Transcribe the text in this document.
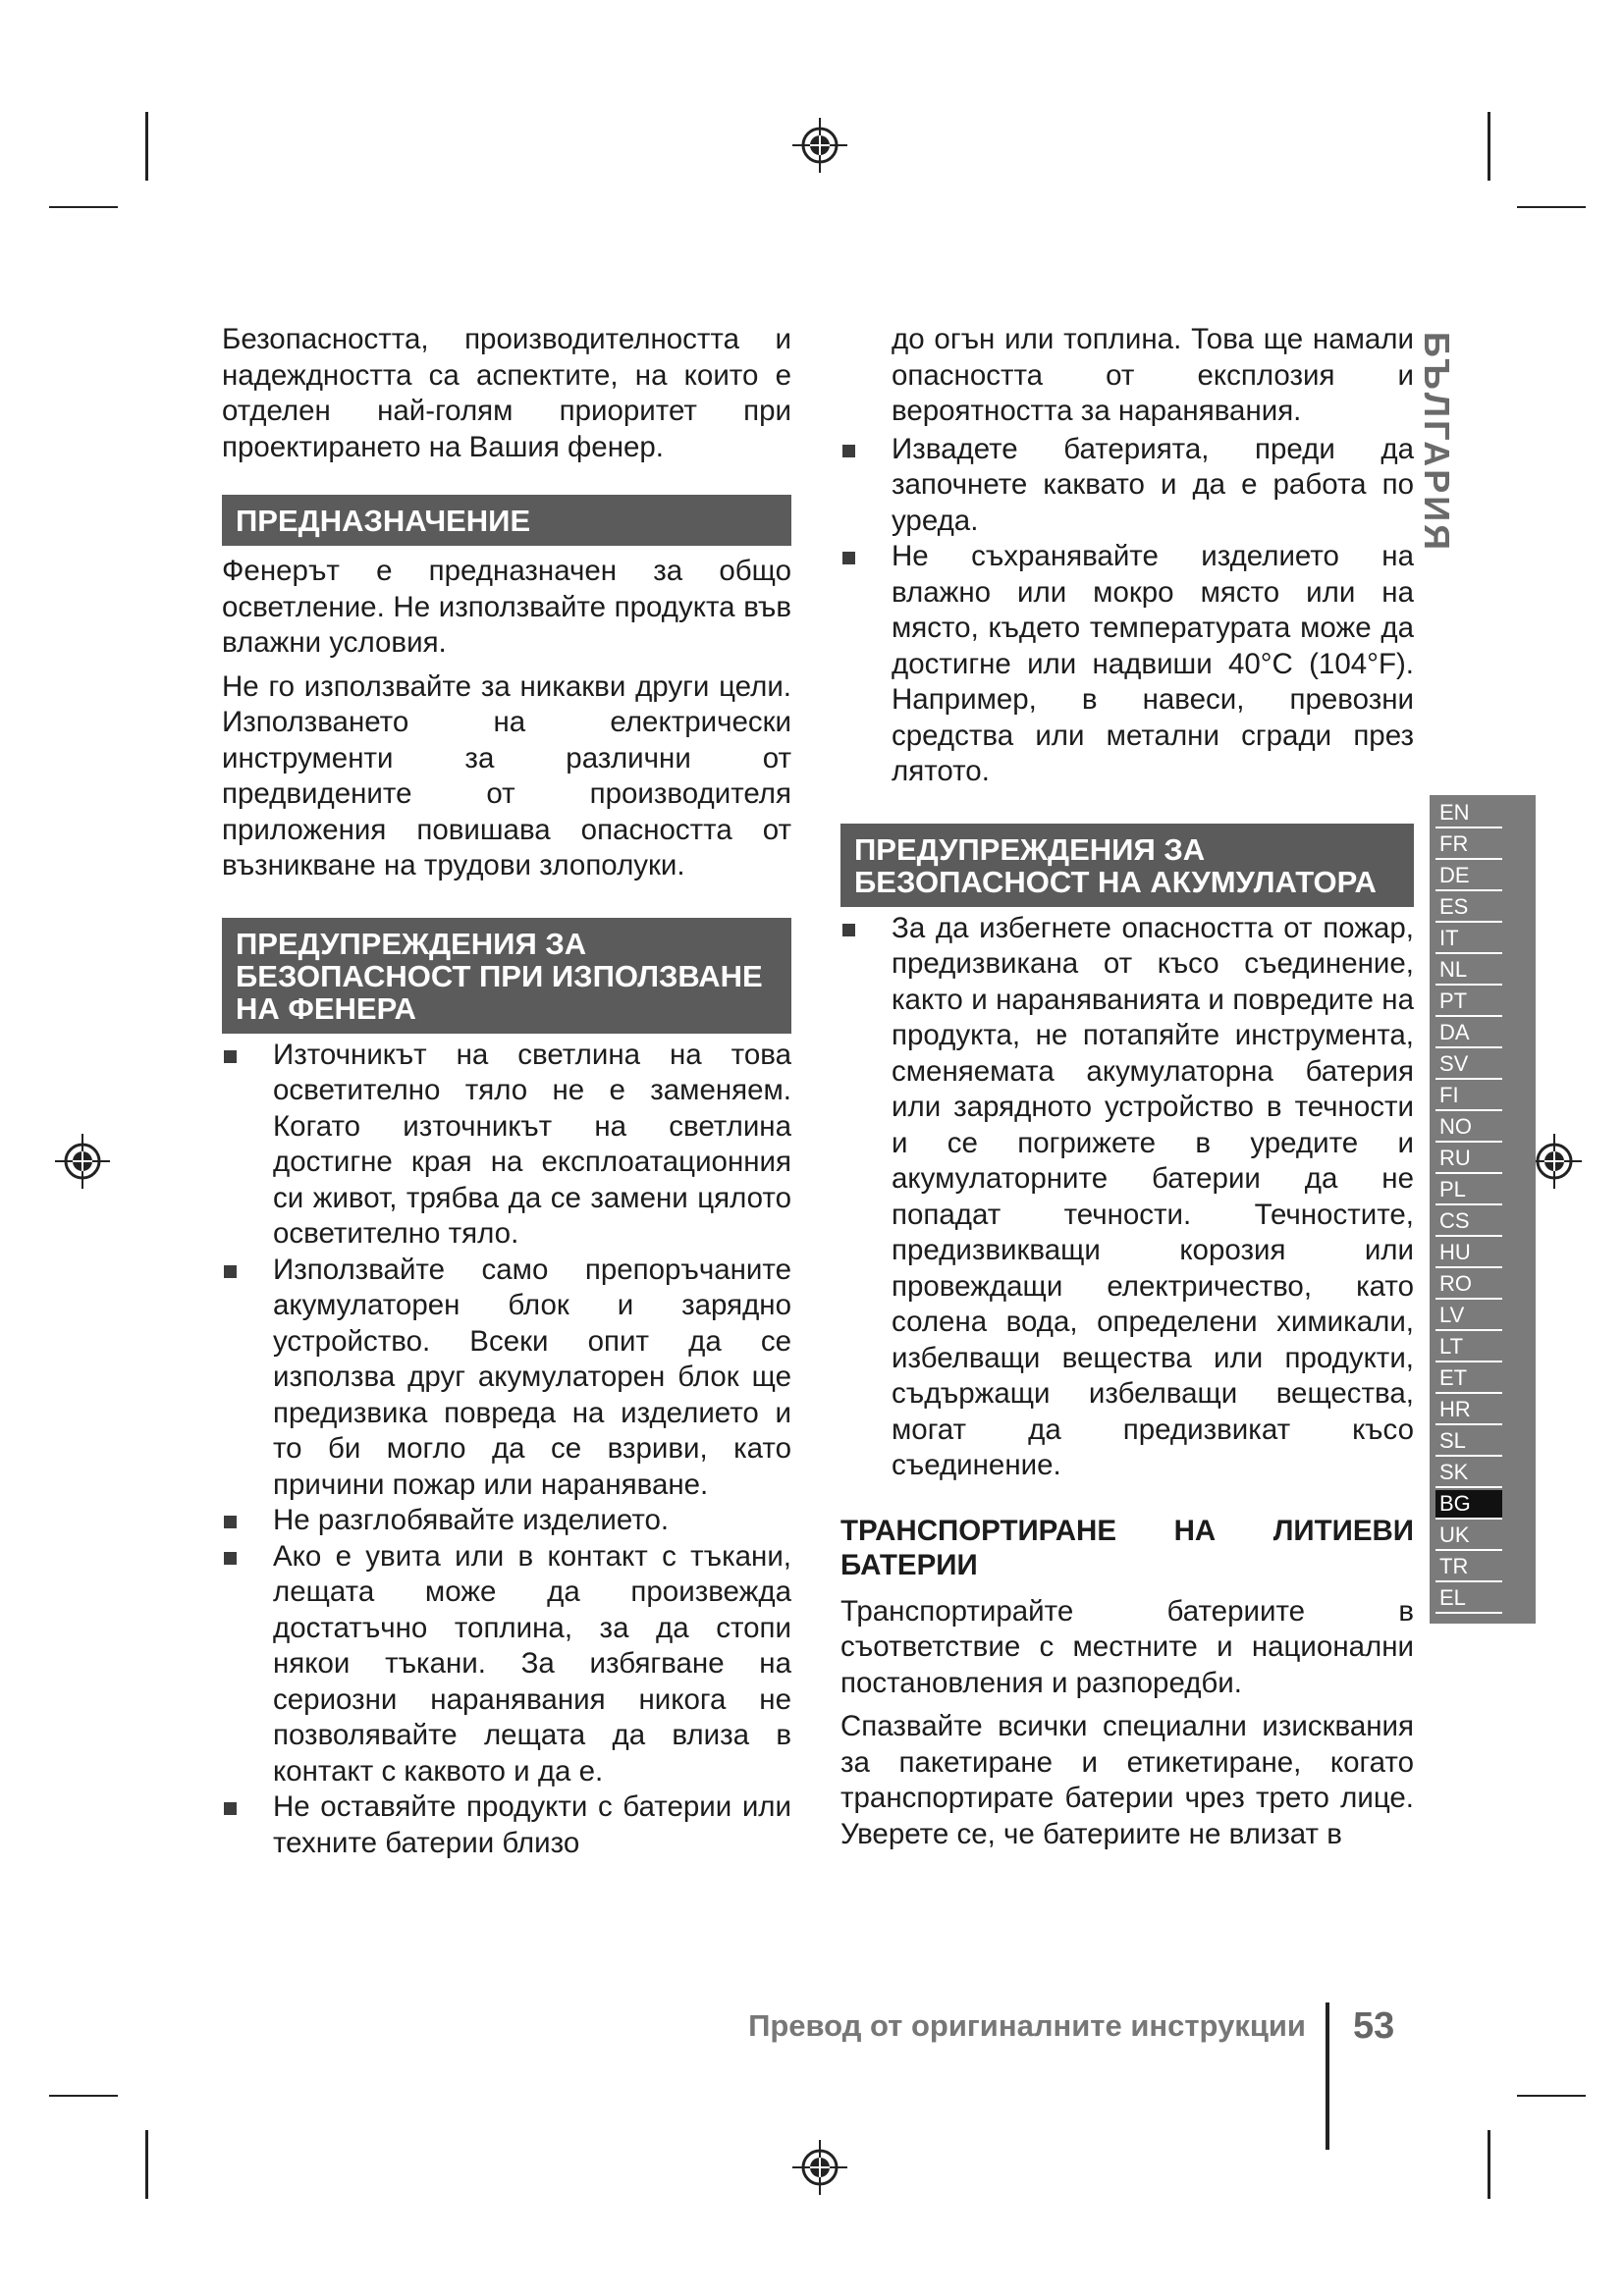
Безопасността, производителността и надеждността са аспектите, на които е отделен най-голям приоритет при проектирането на Вашия фенер.

ПРЕДНАЗНАЧЕНИЕ

Фенерът е предназначен за общо осветление. Не използвайте продукта във влажни условия.

Не го използвайте за никакви други цели. Използването на електрически инструменти за различни от предвидените от производителя приложения повишава опасността от възникване на трудови злополуки.

ПРЕДУПРЕЖДЕНИЯ ЗА
БЕЗОПАСНОСТ ПРИ ИЗПОЛЗВАНЕ
НА ФЕНЕРА
Източникът на светлина на това осветително тяло не е заменяем. Когато източникът на светлина достигне края на експлоатационния си живот, трябва да се замени цялото осветително тяло.
Използвайте само препоръчаните акумулаторен блок и зарядно устройство. Всеки опит да се използва друг акумулаторен блок ще предизвика повреда на изделието и то би могло да се взриви, като причини пожар или нараняване.
Не разглобявайте изделието.
Ако е увита или в контакт с тъкани, лещата може да произвежда достатъчно топлина, за да стопи някои тъкани. За избягване на сериозни наранявания никога не позволявайте лещата да влиза в контакт с каквото и да е.
Не оставяйте продукти с батерии или техните батерии близо

до огън или топлина. Това ще намали опасността от експлозия и вероятността за наранявания.

Извадете батерията, преди да започнете каквато и да е работа по уреда.
Не съхранявайте изделието на влажно или мокро място или на място, където температурата може да достигне или надвиши 40°C (104°F). Например, в навеси, превозни средства или метални сгради през лятото.
ПРЕДУПРЕЖДЕНИЯ ЗА
БЕЗОПАСНОСТ НА АКУМУЛАТОРА
За да избегнете опасността от пожар, предизвикана от късо съединение, както и нараняванията и повредите на продукта, не потапяйте инструмента, сменяемата акумулаторна батерия или зарядното устройство в течности и се погрижете в уредите и акумулаторните батерии да не попадат течности. Течностите, предизвикващи корозия или провеждащи електричество, като солена вода, определени химикали, избелващи вещества или продукти, съдържащи избелващи вещества, могат да предизвикат късо съединение.
ТРАНСПОРТИРАНЕ НА ЛИТИЕВИ
БАТЕРИИ

Транспортирайте батериите в съответствие с местните и национални постановления и разпоредби.

Спазвайте всички специални изисквания за пакетиране и етикетиране, когато транспортирате батерии чрез трето лице. Уверете се, че батериите не влизат в

БЪЛГАРИЯ
EN
FR
DE
ES
IT
NL
PT
DA
SV
FI
NO
RU
PL
CS
HU
RO
LV
LT
ET
HR
SL
SK
BG
UK
TR
EL
Превод от оригиналните инструкции 53
